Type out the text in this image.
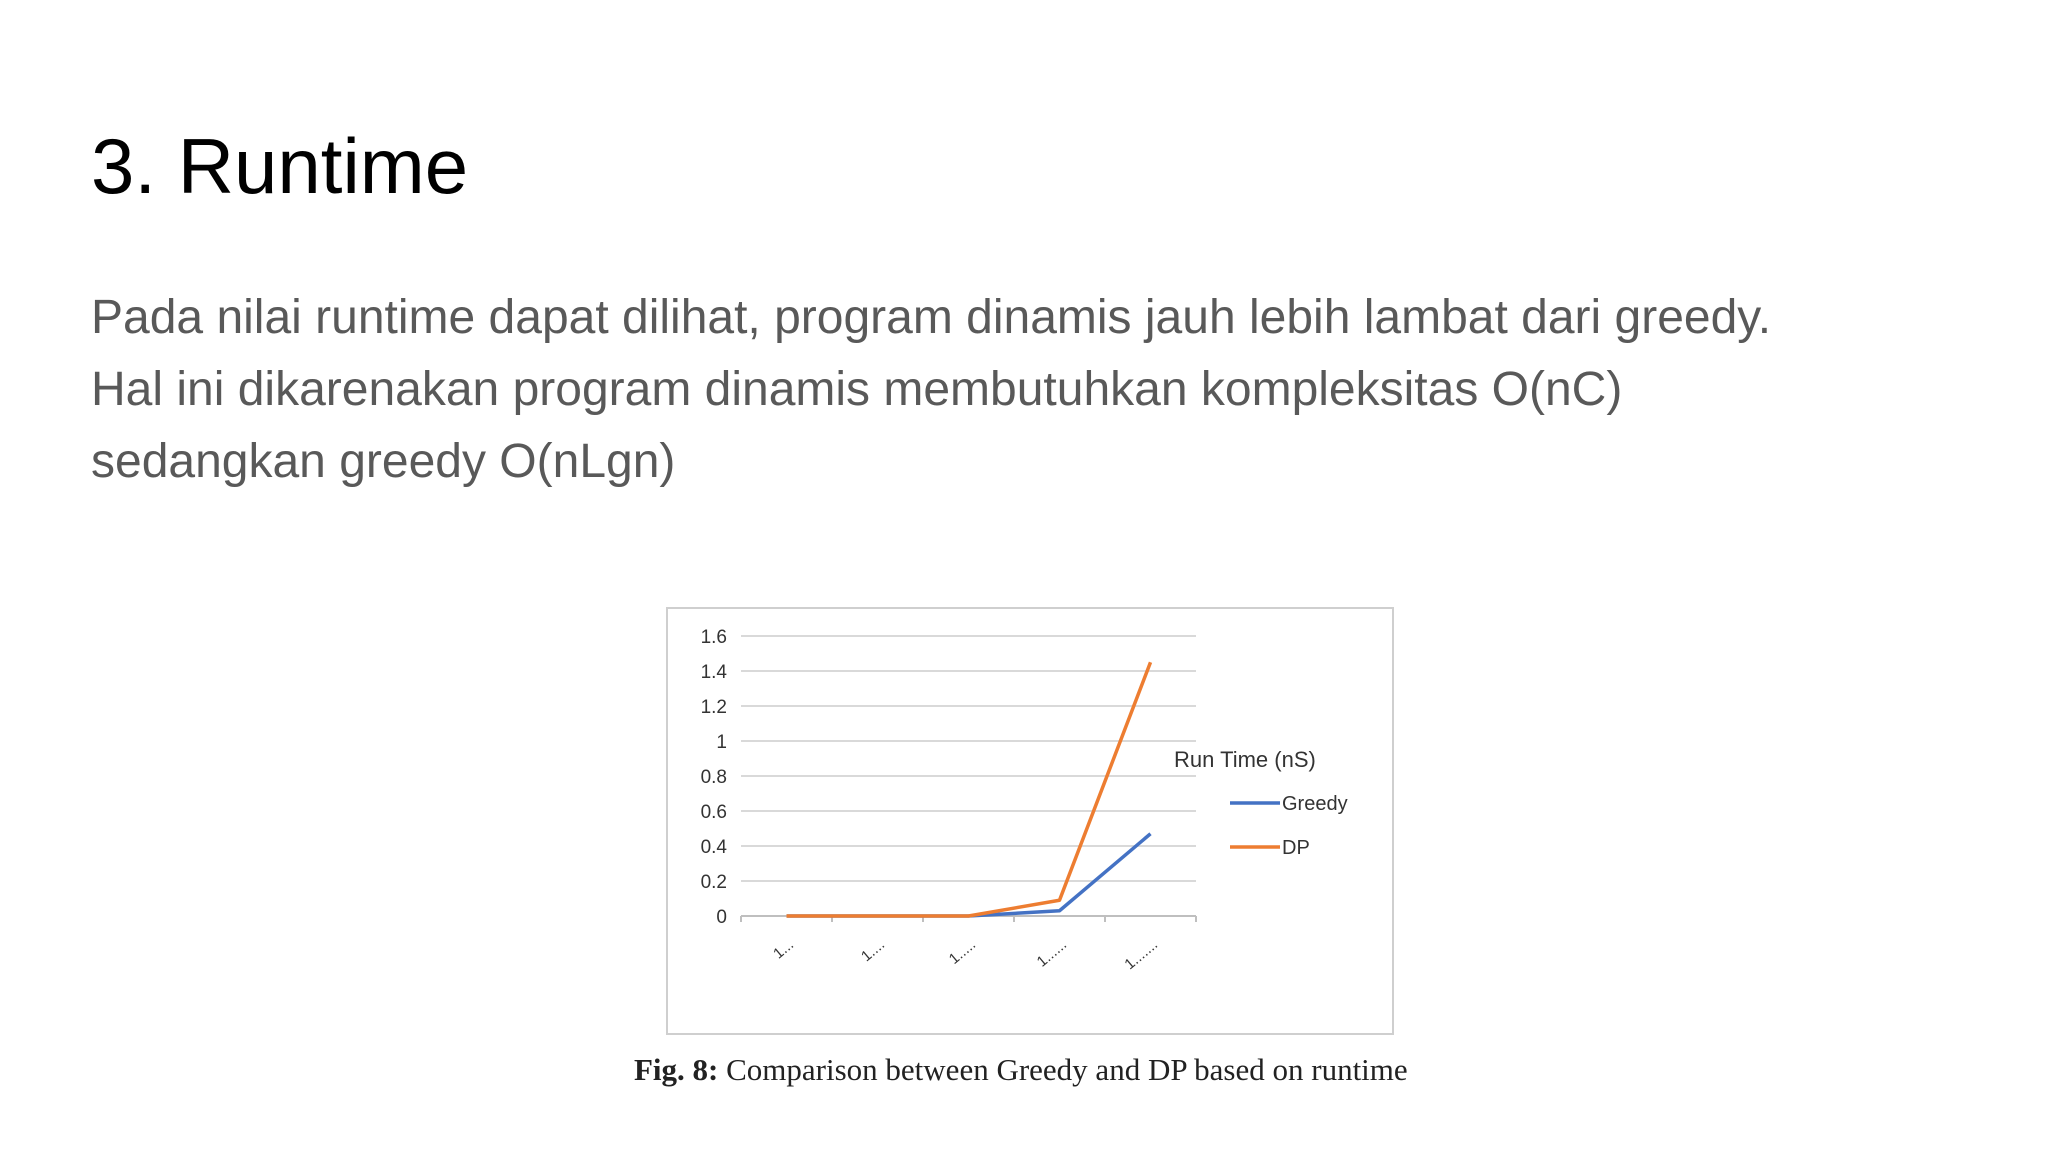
3. Runtime
Pada nilai runtime dapat dilihat, program dinamis jauh lebih lambat dari greedy.
Hal ini dikarenakan program dinamis membutuhkan kompleksitas O(nC)
sedangkan greedy O(nLgn)
1.6
1.4
1.2
1
0.8
0.6
0.4
0.2
0
1...	1....	1.....	1......	1.......
Run Time (nS)
Greedy
DP
Fig. 8: Comparison between Greedy and DP based on runtime
